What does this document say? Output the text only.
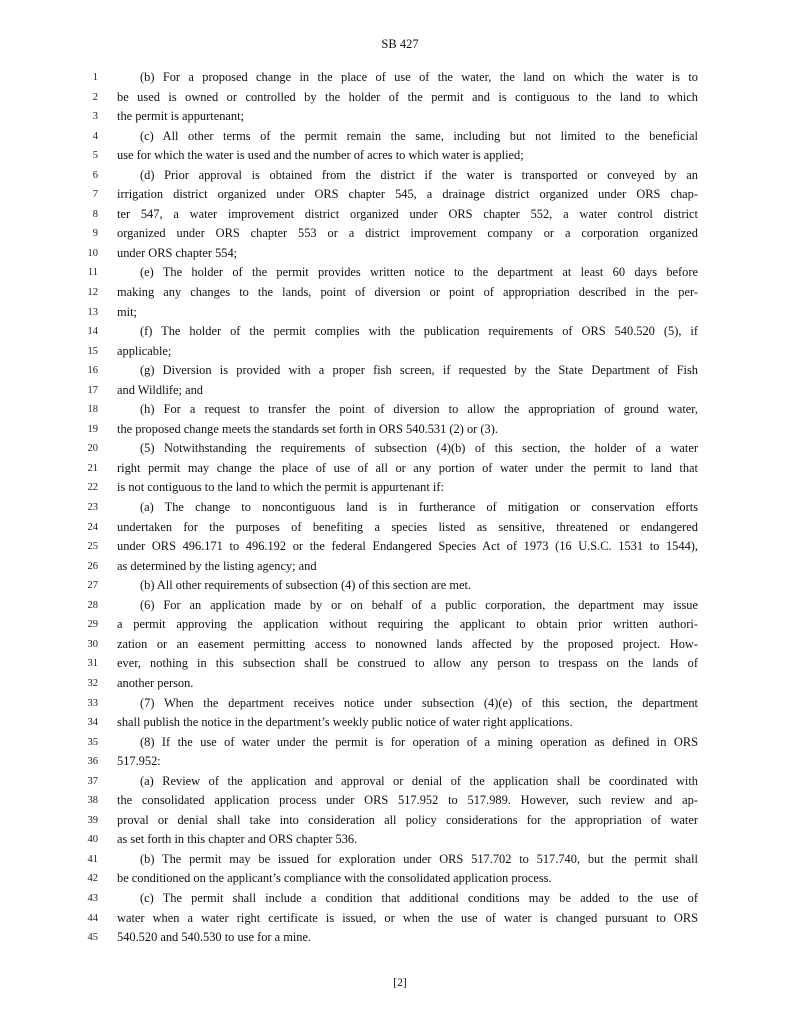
SB 427
1	(b) For a proposed change in the place of use of the water, the land on which the water is to
2 be used is owned or controlled by the holder of the permit and is contiguous to the land to which
3 the permit is appurtenant;
4	(c) All other terms of the permit remain the same, including but not limited to the beneficial
5 use for which the water is used and the number of acres to which water is applied;
6	(d) Prior approval is obtained from the district if the water is transported or conveyed by an
7 irrigation district organized under ORS chapter 545, a drainage district organized under ORS chap-
8 ter 547, a water improvement district organized under ORS chapter 552, a water control district
9 organized under ORS chapter 553 or a district improvement company or a corporation organized
10 under ORS chapter 554;
11	(e) The holder of the permit provides written notice to the department at least 60 days before
12 making any changes to the lands, point of diversion or point of appropriation described in the per-
13 mit;
14	(f) The holder of the permit complies with the publication requirements of ORS 540.520 (5), if
15 applicable;
16	(g) Diversion is provided with a proper fish screen, if requested by the State Department of Fish
17 and Wildlife; and
18	(h) For a request to transfer the point of diversion to allow the appropriation of ground water,
19 the proposed change meets the standards set forth in ORS 540.531 (2) or (3).
20	(5) Notwithstanding the requirements of subsection (4)(b) of this section, the holder of a water
21 right permit may change the place of use of all or any portion of water under the permit to land that
22 is not contiguous to the land to which the permit is appurtenant if:
23	(a) The change to noncontiguous land is in furtherance of mitigation or conservation efforts
24 undertaken for the purposes of benefiting a species listed as sensitive, threatened or endangered
25 under ORS 496.171 to 496.192 or the federal Endangered Species Act of 1973 (16 U.S.C. 1531 to 1544),
26 as determined by the listing agency; and
27	(b) All other requirements of subsection (4) of this section are met.
28	(6) For an application made by or on behalf of a public corporation, the department may issue
29 a permit approving the application without requiring the applicant to obtain prior written authori-
30 zation or an easement permitting access to nonowned lands affected by the proposed project. How-
31 ever, nothing in this subsection shall be construed to allow any person to trespass on the lands of
32 another person.
33	(7) When the department receives notice under subsection (4)(e) of this section, the department
34 shall publish the notice in the department’s weekly public notice of water right applications.
35	(8) If the use of water under the permit is for operation of a mining operation as defined in ORS
36 517.952:
37	(a) Review of the application and approval or denial of the application shall be coordinated with
38 the consolidated application process under ORS 517.952 to 517.989. However, such review and ap-
39 proval or denial shall take into consideration all policy considerations for the appropriation of water
40 as set forth in this chapter and ORS chapter 536.
41	(b) The permit may be issued for exploration under ORS 517.702 to 517.740, but the permit shall
42 be conditioned on the applicant’s compliance with the consolidated application process.
43	(c) The permit shall include a condition that additional conditions may be added to the use of
44 water when a water right certificate is issued, or when the use of water is changed pursuant to ORS
45 540.520 and 540.530 to use for a mine.
[2]
